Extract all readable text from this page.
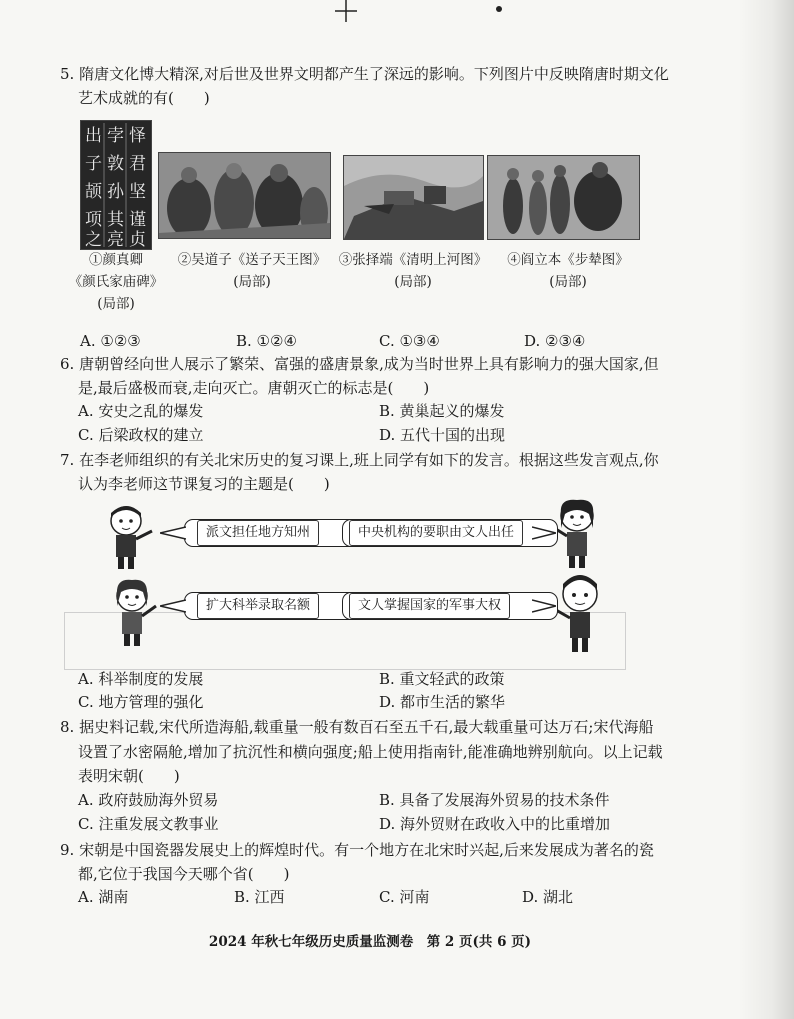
5. 隋唐文化博大精深,对后世及世界文明都产生了深远的影响。下列图片中反映隋唐时期文化
艺术成就的有(　　)
出
子
颉
项
之
孛
敦
孙
其
亮
怿
君
坚
谨
贞
①颜真卿
《颜氏家庙碑》
(局部)
②吴道子《送子天王图》
(局部)
③张择端《清明上河图》
(局部)
④阎立本《步辇图》
(局部)
A. ①②③	B. ①②④	C. ①③④	D. ②③④
6. 唐朝曾经向世人展示了繁荣、富强的盛唐景象,成为当时世界上具有影响力的强大国家,但
是,最后盛极而衰,走向灭亡。唐朝灭亡的标志是(　　)
A. 安史之乱的爆发	B. 黄巢起义的爆发
C. 后梁政权的建立	D. 五代十国的出现
7. 在李老师组织的有关北宋历史的复习课上,班上同学有如下的发言。根据这些发言观点,你
认为李老师这节课复习的主题是(　　)
派文担任地方知州	中央机构的要职由文人出任
扩大科举录取名额	文人掌握国家的军事大权
A. 科举制度的发展	B. 重文轻武的政策
C. 地方管理的强化	D. 都市生活的繁华
8. 据史料记载,宋代所造海船,载重量一般有数百石至五千石,最大载重量可达万石;宋代海船
设置了水密隔舱,增加了抗沉性和横向强度;船上使用指南针,能准确地辨别航向。以上记载
表明宋朝(　　)
A. 政府鼓励海外贸易	B. 具备了发展海外贸易的技术条件
C. 注重发展文教事业	D. 海外贸财在政收入中的比重增加
9. 宋朝是中国瓷器发展史上的辉煌时代。有一个地方在北宋时兴起,后来发展成为著名的瓷
都,它位于我国今天哪个省(　　)
A. 湖南	B. 江西	C. 河南	D. 湖北
2024 年秋七年级历史质量监测卷　第 2 页(共 6 页)
